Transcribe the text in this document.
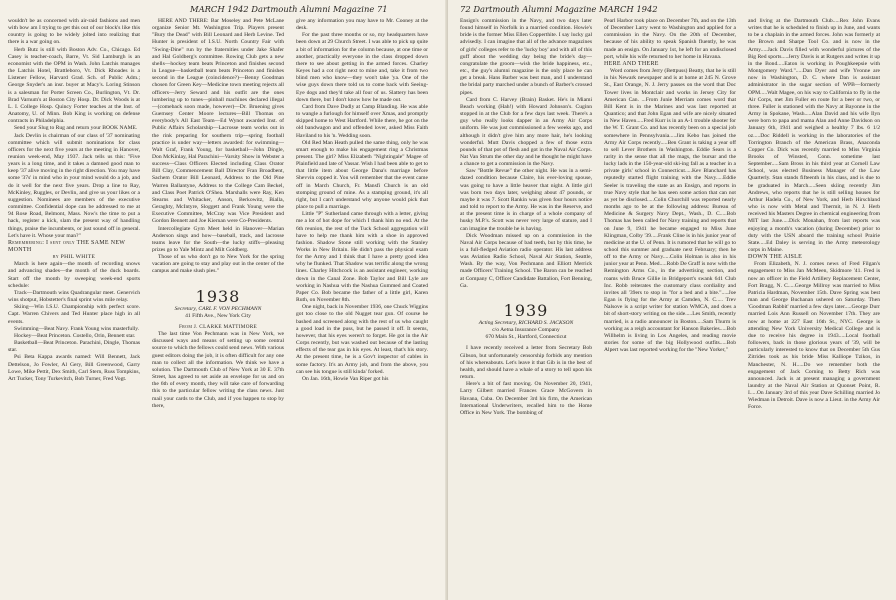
MARCH 1942 Dartmouth Alumni Magazine 71

wouldn't be as concerned with air-raid fashions and men with bow am I trying to get this out of our block's like this country is going to be widely jolted into realizing that there is a war going on.

Herb Butz is still with Boston Adv. Co., Chicago. Ed Casey is teacher-coach, Barre, Vt. Sid Lamburgh is an economist with the OPM in Wash. John Latchis manages the Latchis Hotel, Brattleboro, Vt. Dick Rhoades is a Listener Fellow, Harvard Grad. Sch. of Public Adm.; George Snyder's an insr. buyer at Macy's. Loring Stinson is a salesman for Porter Screen Co., Burlington, Vt. Dr. Brad Varnum's at Boston City Hosp. Dr. Dick Woods is at L. I. College Hosp. Quincy Forter teaches at the Inst. of Anatomy, U. of Minn. Bob King is working on defense contracts in Philadelphia.

Send your Slug to Rug and return your BOOK NAME.

Jack Devlin is chairman of our class of '37 nominating committee which will submit nominations for class officers for the next five years at the meeting in Hanover, reunion week-end, May 1937. Jack tells us this: "Five years is a long time, and it takes a damned good man to keep '37 alive moving in the right direction. You may have some '37s' in mind who in your mind would do a job, and do it well for the next five years. Drop a line to Ray, McKinley, Ruggles, or Devlin, and give us your likes or a suggestion. Nominees are members of the executive committee. Confidential dope can be addressed to me at 94 Rose Road, Belmont, Mass. Now's the time to put a hack, register a kick, slam the present way of handling things, praise the incumbents, or just sound off in general. Let's have it. Whose your man?"

Remembering: I sent only THE SAME NEW MONTH

by PHIL WHITE

March is here again—the month of recording snows and advancing shades—the month of the duck boards. Start off the month by sweeping week-end sports schedule:

Track—Dartmouth wins Quadrangular meet. Genervich wins shotput, Hobstetter's final sprint wins mile relay.

Skiing—Win I.S.U. Championship with perfect score. Capt. Warren Chivers and Ted Hunter place high in all events.

Swimming—Beat Navy. Frank Young wins masterfully.

Hockey—Beat Princeton. Costello, Orin, Bennett star.

Basketball—Beat Princeton. Parachini, Dingle, Thomas star.

Psi Beta Kappa awards named: Will Bennett, Jack Dettelson, Jo Fowler, Al Gery, Bill Greenwood, Garry Lowe, Mike Pettit, Dex Smith, Carl Stern, Russ Tompkins, Art Tucker, Tony Turkevitch, Bob Turner, Fred Vogt.

HERE AND THERE: Bar Moseley and Pete McLane organize Senior Mt. Washington Trip. Players present "Bury the Dead" with Bill Leonard and Herb Levine. Ted Hunter is president of I.S.U. North Country Fair with "Swing-Dine" run by the fraternities under Jake Shafer and Hal Goldberg's committee. Rowing Club gets a new shells—hockey team beats Princeton and finishes second in League—basketball team beats Princeton and finishes second in the League (coincidence?)—Benny Goodman chosen for Green Key—Medicine town meeting rejects all officers—Jerry Seward and his outfit are the ones lumbering up to tunes—pinball machines declared illegal—(comeback soon made, however)—Dr. Bruening gives Guernsey Center Moore lectures—Bill Thomas on everybody's All East Team—Ed Wynot awarded Inst. of Public Affairs Scholarship—Lacrosse team works out in the rink preparing for southern trip—spring football practice is under way—letters awarded: for swimming—Walt Graf, Frank Young, for basketball—John Dingle, Don McKinlay, Hal Parachini—Varsity Show in Webster a success—Class Officers Elected including Class Orator Bill Clay, Commencement Ball Director Fran Broadbent, Sachem Orator Bill Leonard, Address to the Old Pine Warren Ballantyne, Address to the College Cam Beckel, and Class Poet Patrick O'Shea. Marshalls were Ray, Ken Stearns and Whitacker, Anson, Berkowitz, Bialla, Geraghty, McIntyre, Sloggett and Frank Young were the Executive Committee, McCray was Vice President and Gordon Bennett and Joe Kiernan were Co-Presidents.

Intercollegiate Gym Meet held in Hanover—Marian Anderson sings and how—baseball, track, and lacrosse teams leave for the South—the lucky stiffs—pleasing prizes go to Yale Mintz and Milt Goldberg.

Those of us who don't go to New York for the spring vacation are going to stay and play out in the center of the campus and make slush pies."

1938
Secretary, CARL F. VON PECHMANN
41 Fifth Ave., New York City

From J. CLARKE MATTIMORE

The last time Von Pechmann was in New York, we discussed ways and means of setting up some central source to which the fellows could send news. With various guest editors doing the job, it is often difficult for any one man to collect all the information. We think we have a solution. The Dartmouth Club of New York at 30 E. 37th Street, has agreed to set aside an envelope for us and on the 6th of every month, they will take care of forwarding this to the particular fellow writing the class news. Just mail your cards to the Club, and if you happen to stop by there,

give any information you may have to Mr. Cooney at the desk.

For the past three months or so, my headquarters have been down at 29 Church Street. I was able to pick up quite a bit of information for the column because, at one time or another, practically everyone in the class dropped down there to see about getting in the armed forces. Charley Keyes had a cot right next to mine and, take it from two blind men who know—they won't take 'ya. One of the wise guys down there told us to come back with Seeing-Eye dogs and they'd take all four of us. Slattery has been down there, but I don't know how he made out.

Card from Dave Dudly at Camp Blanding. He was able to wangle a furlough for himself over Xmas, and promptly skipped home to West Hartford. While there, he got on the old bandwagon and and offended lover, asked Miss Faith Haviland to his 'n. Wedding soon.

Old Red Man Heath pulled the same thing, only he was smart enough to make his engagement ring a Christmas present. The girl? Miss Elizabeth "Nightingale" Magee of Plainfield and late of Vassar. Wish I had been able to get to that little item about George Dana's marriage before Shevvin copped it. You will remember that the event came off in March Church, Fr. Mansfi Church is an old stomping ground of mine. As a stamping ground, it's all right, but I can't understand why anyone would pick that place to pull a marriage.

Little "P" Sutherland came through with a letter, giving me a lot of hot dope for which I thank him no end. At the 6th reunion, the rest of the Tuck School aggregation will have to help me thank him with a shoe in approved fashion. Shadow Stone still working with the Stanley Works in New Britain. He didn't pass the physical exam for the Army and I think that I have a pretty good idea why he flunked. That Shadow was terrific along the wrong lines. Charley Hitchcock is an assistant engineer, working down in the Canal Zone. Bob Taylor and Bill Lyle are working in Nashua with the Nashua Gummed and Coated Paper Co. Bob became the father of a little girl, Karen Ruth, on November 8th.

One night, back in November 1936, one Chuck Wiggins got too close to the old Nugget tear gun. Of course he bashed and screened along with the rest of us who caught a good load in the puss, but he passed it off. It seems, however, that his eyes weren't to forget. He got in the Air Corps recently, but was washed out because of the lasting effects of the tear gas in his eyes. At least, that's his story. At the present time, he is a Gov't inspector of cables in some factory. It's an Army job, and from the above, you can see his tongue is still kinda' forked.

On Jan. 16th, Howie Van Riper got his

72 Dartmouth Alumni Magazine MARCH 1942

Ensign's commission in the Navy, and two days later found himself in Norfolk in a married condition. Howie's bride is the former Miss Ellen Copperthite. I say lucky gal advisedly. I can imagine that all of the advance magazines of girls' colleges refer to the 'lucky boy' and with all of this guff about the wedding day being the bride's day—congratulate the groom—wish the bride happiness, etc., etc., the guy's alumni magazine is the only place he can get a break. Hans Barber was best man, and I understand the bridal party marched under a bunch of Barber's crossed pipes.

Card from C. Harvey (Brain) Basket. He's in Miami Beach working (Hah!) with Howard Johnson's. Cuginn stopped in at the Club for a few days last week. There's a guy who really looks dapper in an Army Air Corps uniform. He was just commissioned a few weeks ago, and although it didn't give him any more hair, he's looking wonderful. Mutt Davis chopped a few of those extra pounds of that pot of flesh and got in the Naval Air Corps. Nat Van Strum the other day and he thought he might have a chance to get a commission in the Navy.

Saw "Bottle Revue" the other night. He was in a semi-dazed condition because Claire, his ever-loving spouse, was going to have a little heaver that night. A little girl was born two days later, weighing about 47 pounds, or maybe it was 7. Scott Rankin was given four hours notice and told to report to the Army. He was in the Reserve, and at the present time is in charge of a whole company of husky M.P.'s. Scott was never very large of stature, and I can imagine the trouble he is having.

Dick Woodman missed up on a commission in the Naval Air Corps because of bad teeth, but by this time, he is a full-fledged Aviation radio operator. His last address was Aviation Radio School, Naval Air Station, Seattle, Wash. By the way, Von Pechmann and Elliott Merrick made Officers' Training School. The Baron can be reached at Company C, Officer Candidate Battalion, Fort Benning, Ga.

1939
Acting Secretary, RICHARD S. JACKSON
c/o Aetna Insurance Company
670 Main St., Hartford, Connecticut

I have recently received a letter from Secretary Bob Gibson, but unfortunately censorship forbids any mention of his whereabouts. Let's leave it that Gib is in the best of health, and should have a whale of a story to tell upon his return.

Here's a bit of fast moving. On November 20, 1941, Larry Gilbert married Frances Grace McGovern in Havana, Cuba. On December 3rd his firm, the American International Underwriters, recalled him to the Home Office in New York. The bombing of

Pearl Harbor took place on December 7th, and on the 13th of December Larry went to Washington and applied for a commission in the Navy. On the 20th of December, because of his ability to speak Spanish fluently, he was made an ensign. On January 1st, he left for an undisclosed port, while his wife returned to her home in Havana.

HERE AND THERE

Word comes from Jerry (Bettpuss) Beatty, that he is still in his Newark newspaper and is at home at 245 N. Grove St., East Orange, N. J. Jerry passes on the word that Doc Tower lives in Montclair and works in Jersey City for American Can. ...From Junie Merriam comes word that Bill Kent is in the Marines and was last reported at Quantico; and that John Egan and wife are nicely situated in New Haven.....Fred Kurr is in an A-1 trouble shooter for the W. T. Grant Co. and has recently been on a special job somewhere in Pennsylvania.....Jim Kebo has joined the Army Air Corps recently.....Ben Grant is taking a year off to sell Lever Brothers in Washington. Eddie Sears is a rarity in the sense that all the mags, the bursar and the lucky lads in the 150-year-old ski-ing fall as a teacher in a private girls' school in Connecticut.....Kev Blanchard has reputedly started flight training with the Navy.....Eddie Seeler is traveling the state as an Ensign, and reports in true Navy style that he has seen some action that can not as yet be disclosed.....Colin Churchill was reported nearly months ago to be at the following address: Bureau of Medicine & Surgery Navy Dept., Wash., D. C.....Bob Thomas has been called for Navy training and reports that on June 9, 1941 he became engaged to Miss June Klingman, Colby '39.....Frank Cline is in his junior year of medicine at the U. of Penn. It is rumored that he will go to school this summer and graduate next February; then he off to the Army or Navy.....Colin Holman is also in his junior year at Penn. Med.....Robb De Graff is now with the Remington Arms Co., in the advertising section, and roams with Bruce Gillie in Bridgeport's swank 641 Club Inc. Robb reiterates the customary class cordiality and invites all '39ers to stop in "for a bed and a bite.".....Joe Egan is flying for the Army at Camden, N. C..... Trev Nalsove is a script writer for station WMCA, and does a bit of short-story writing on the side.....Les Smith, recently married, is a radio announcer in Boston.....Sam Thurm is working as a reigh accountant for Hanson Bakeries.....Bob Willhelm is living in Los Angeles, and reading movie stories for some of the big Hollywood outfits.....Bob Alpert was last reported working for the "New Yorker,"

and living at the Dartmouth Club.....Rex John Evans writes that he is scheduled to finish up in June, and wants to be a chaplain in the armed forces. John was formerly at the Brown and Sharpe Tool Co. and is now in the Army.....Jack Davis filled with wonderful pictures of the Big Red sports.....Jerry Davis is at Rutgers and writes it up in the Bond.....Eaton is working in Poughkeepsie with Montgomery Ward.".....Dan Dyer and wife Yvonne are now in Washington, D. C. where Dan is assistant administrator in the sugar section of WPB—formerly OPM.....Walt Magee, on his way to California to fly in the Air Corps, met Jim Fuller en route for a beer or two, or three. Fuller is stationed with the Navy at Bayonne in the Army in Spokane, Wash.....Alan David and his wife Ilyn were born to papa and mama Alan and Anne Davidson on January 6th, 1941 and weighed a healthy 7 lbs. 6 1/2 oz.....Doc Riddell is working in the laboratories of the Torrington Branch of the American Brass, Anaconda Copper Co. Dick was recently married to Miss Virginia Brooks of Winsted, Conn. sometime last September.....Sam Bross in his third year at Cornell Law School, was elected Business Manager of the Law Quarterly. Stan stands fifteenth in his class, and is due to be graduated in March.....Seen skiing recently Jim Andrews, who reports that he is still selling houses for Arthur Hadela Co., of New York, and Herb Hirschland who is now with Metal and Thermit, in N. J. Herb received his Masters Degree in chemical engineering from MIT last June.....Dick Monahan, from last reports was enjoying a month's vacation (during December) prior to duty with the USN aboard the training school Prairie State.....Ed Daley is serving in the Army meteorology corps in Maine.

DOWN THE AISLE

From Elizabeth, N. J. comes news of Fred Filgan's engagement to Miss Jan McMeen, Skidmore '41. Fred is now an officer in the Field Artillery Replacement Center, Fort Bragg, N. C.....George Millroy was married to Miss Patricia Hardman, November 15th. Dave Spring was best man and George Buchanan ushered on Saturday. Then 'Goodman Rabbit' married a few days later.....George Durr married Lois Ann Russell on November 17th. They are now at home at 227 East 16th St., NYC. George is attending New York University Medical College and is due to receive his degree in 1943.....Local football followers, back in those glorious years of '39, will be particularly interested to know that on December 5th Gus Zitrides took as his bride Miss Kalliope Tzikos, in Manchester, N. H.....Do we remember both the engagement of Jack Corning to Betty Rich was announced. Jack is at present managing a government laundry at the Naval Air Station at Quonset Point, R. I.....On January 3rd of this year Dave Schilling married Jo Wiedman in Detroit. Dave is now a Lieut. in the Army Air Force.
